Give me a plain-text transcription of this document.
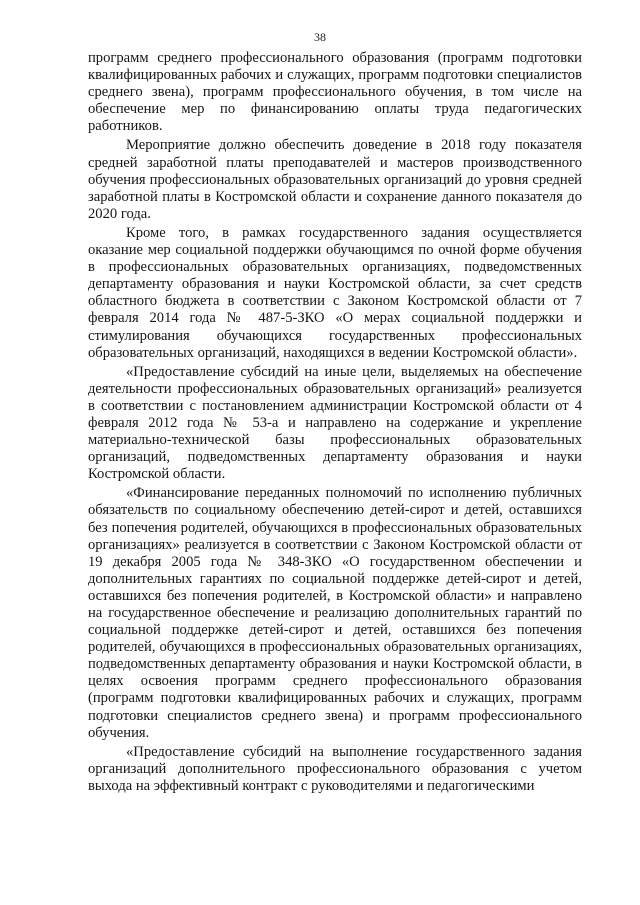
38

программ среднего профессионального образования (программ подготовки квалифицированных рабочих и служащих, программ подготовки специалистов среднего звена), программ профессионального обучения, в том числе на обеспечение мер по финансированию оплаты труда педагогических работников.

Мероприятие должно обеспечить доведение в 2018 году показателя средней заработной платы преподавателей и мастеров производственного обучения профессиональных образовательных организаций до уровня средней заработной платы в Костромской области и сохранение данного показателя до 2020 года.

Кроме того, в рамках государственного задания осуществляется оказание мер социальной поддержки обучающимся по очной форме обучения в профессиональных образовательных организациях, подведомственных департаменту образования и науки Костромской области, за счет средств областного бюджета в соответствии с Законом Костромской области от 7 февраля 2014 года № 487-5-ЗКО «О мерах социальной поддержки и стимулирования обучающихся государственных профессиональных образовательных организаций, находящихся в ведении Костромской области».

«Предоставление субсидий на иные цели, выделяемых на обеспечение деятельности профессиональных образовательных организаций» реализуется в соответствии с постановлением администрации Костромской области от 4 февраля 2012 года № 53-а и направлено на содержание и укрепление материально-технической базы профессиональных образовательных организаций, подведомственных департаменту образования и науки Костромской области.

«Финансирование переданных полномочий по исполнению публичных обязательств по социальному обеспечению детей-сирот и детей, оставшихся без попечения родителей, обучающихся в профессиональных образовательных организациях» реализуется в соответствии с Законом Костромской области от 19 декабря 2005 года № 348-ЗКО «О государственном обеспечении и дополнительных гарантиях по социальной поддержке детей-сирот и детей, оставшихся без попечения родителей, в Костромской области» и направлено на государственное обеспечение и реализацию дополнительных гарантий по социальной поддержке детей-сирот и детей, оставшихся без попечения родителей, обучающихся в профессиональных образовательных организациях, подведомственных департаменту образования и науки Костромской области, в целях освоения программ среднего профессионального образования (программ подготовки квалифицированных рабочих и служащих, программ подготовки специалистов среднего звена) и программ профессионального обучения.

«Предоставление субсидий на выполнение государственного задания организаций дополнительного профессионального образования с учетом выхода на эффективный контракт с руководителями и педагогическими
